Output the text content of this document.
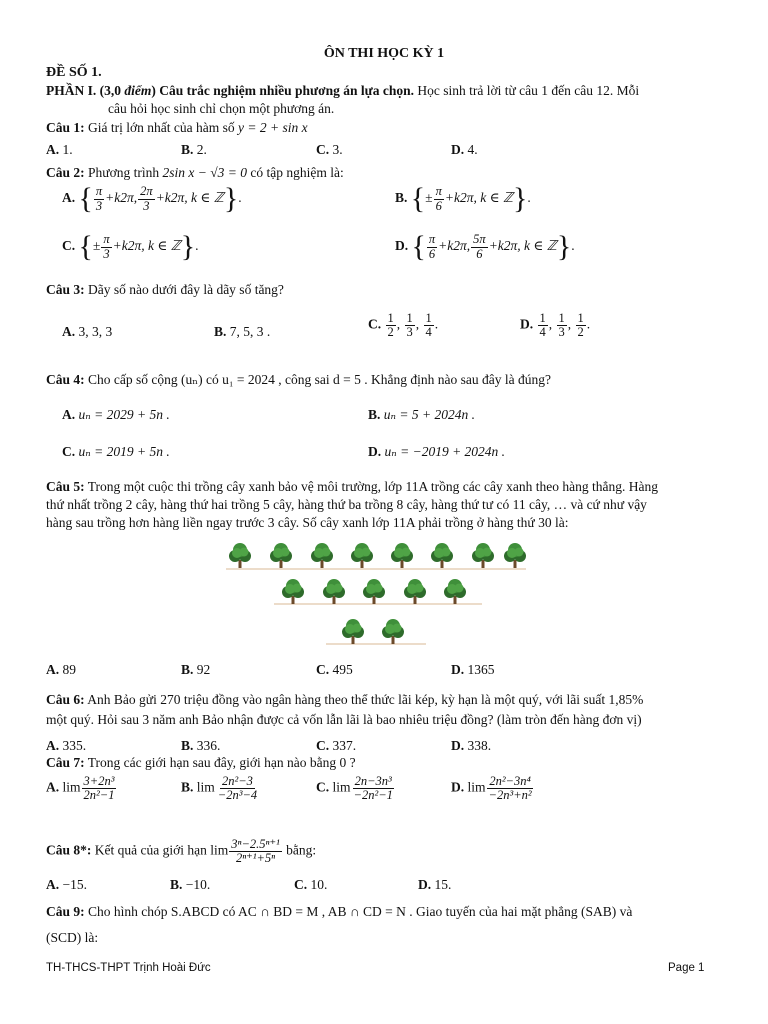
ÔN THI HỌC KỲ 1
ĐỀ SỐ 1.
PHẦN I. (3,0 điểm) Câu trắc nghiệm nhiều phương án lựa chọn. Học sinh trả lời từ câu 1 đến câu 12. Mỗi
câu hỏi học sinh chỉ chọn một phương án.
Câu 1: Giá trị lớn nhất của hàm số y = 2 + sin x
A. 1.	B. 2.	C. 3.	D. 4.
Câu 2: Phương trình 2sin x − √3 = 0 có tập nghiệm là:
A. { $\frac{\pi}{3} +k2\pi$, $\frac{2\pi}{3} +k2\pi$, k ∈ ℤ}.	B. {± $\frac{\pi}{6} +k2\pi$, k ∈ ℤ}.
C. {± $\frac{\pi}{3} +k2\pi$, k ∈ ℤ}.	D. { $\frac{\pi}{6} +k2\pi$, $\frac{5\pi}{6} +k2\pi$, k ∈ ℤ}.
Câu 3: Dãy số nào dưới đây là dãy số tăng?
A. 3, 3, 3	B. 7, 5, 3 .	C. $\frac{1}{2}$ , $\frac{1}{3}$ , $\frac{1}{4}$ .	D. $\frac{1}{4}$ , $\frac{1}{3}$ , $\frac{1}{2}$ .
Câu 4: Cho cấp số cộng (uₙ) có u₁ = 2024 , công sai d = 5 . Khẳng định nào sau đây là đúng?
A. uₙ = 2029 + 5n .	B. uₙ = 5 + 2024n .
C. uₙ = 2019 + 5n .	D. uₙ = −2019 + 2024n .
Câu 5: Trong một cuộc thi trồng cây xanh bảo vệ môi trường, lớp 11A trồng các cây xanh theo hàng thẳng. Hàng
thứ nhất trồng 2 cây, hàng thứ hai trồng 5 cây, hàng thứ ba trồng 8 cây, hàng thứ tư có 11 cây, … và cứ như vậy
hàng sau trồng hơn hàng liền ngay trước 3 cây. Số cây xanh lớp 11A phải trồng ở hàng thứ 30 là:
A. 89	B. 92	C. 495	D. 1365
Câu 6: Anh Bảo gửi 270 triệu đồng vào ngân hàng theo thể thức lãi kép, kỳ hạn là một quý, với lãi suất 1,85%
một quý. Hỏi sau 3 năm anh Bảo nhận được cả vốn lẫn lãi là bao nhiêu triệu đồng? (làm tròn đến hàng đơn vị)
A. 335.	B. 336.	C. 337.	D. 338.
Câu 7: Trong các giới hạn sau đây, giới hạn nào bằng 0 ?
A. $\lim \frac{\text{3+2n³}}{\text{2n²−1}}$	B. $\lim \frac{\text{2n²−3}}{\text{−2n³−4}}$	C. $\lim \frac{\text{2n−3n³}}{\text{−2n²−1}}$	D. $\lim \frac{\text{2n²−3n⁴}}{\text{−2n³+n²}}$
Câu 8*: Kết quả của giới hạn $\lim \frac{\text{3ⁿ−2.5ⁿ⁺¹}}{\text{2ⁿ⁺¹+5ⁿ}}$ bằng:
A. −15.	B. −10.	C. 10.	D. 15.
Câu 9: Cho hình chóp S.ABCD có AC ∩ BD = M , AB ∩ CD = N . Giao tuyến của hai mặt phẳng (SAB) và
(SCD) là:
TH-THCS-THPT Trịnh Hoài Đức	Page 1
